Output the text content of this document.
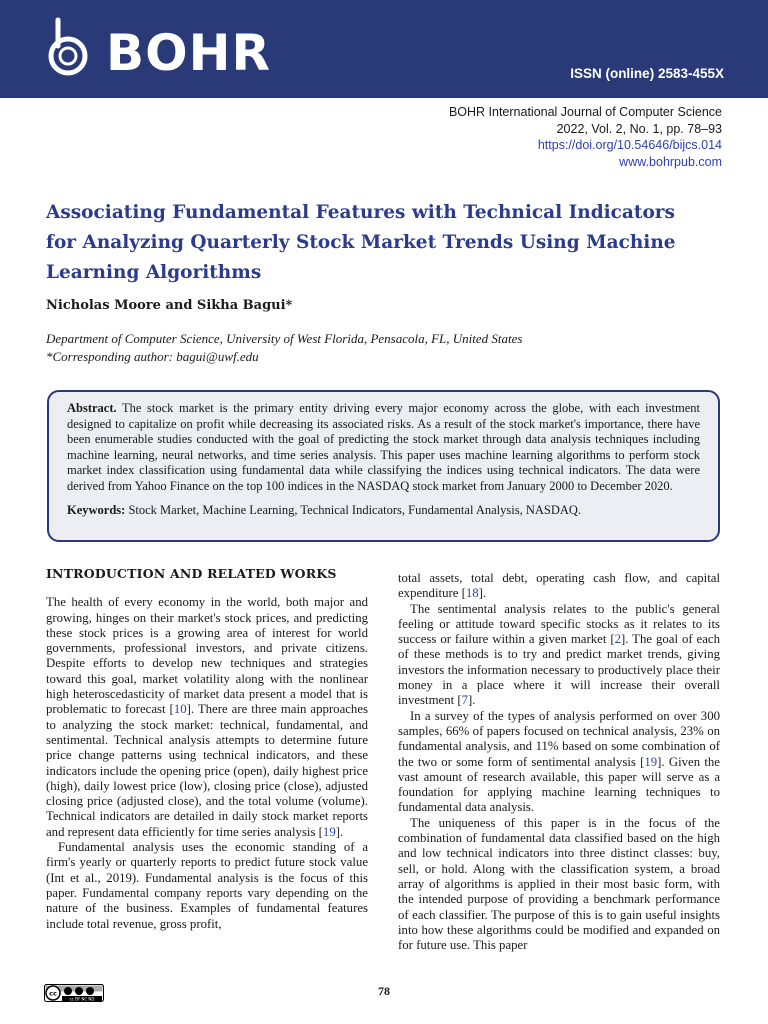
BOHR	ISSN (online) 2583-455X
BOHR International Journal of Computer Science
2022, Vol. 2, No. 1, pp. 78–93
https://doi.org/10.54646/bijcs.014
www.bohrpub.com
Associating Fundamental Features with Technical Indicators for Analyzing Quarterly Stock Market Trends Using Machine Learning Algorithms
Nicholas Moore and Sikha Bagui*
Department of Computer Science, University of West Florida, Pensacola, FL, United States
*Corresponding author: bagui@uwf.edu

Abstract. The stock market is the primary entity driving every major economy across the globe, with each investment designed to capitalize on profit while decreasing its associated risks. As a result of the stock market's importance, there have been enumerable studies conducted with the goal of predicting the stock market through data analysis techniques including machine learning, neural networks, and time series analysis. This paper uses machine learning algorithms to perform stock market index classification using fundamental data while classifying the indices using technical indicators. The data were derived from Yahoo Finance on the top 100 indices in the NASDAQ stock market from January 2000 to December 2020.

Keywords: Stock Market, Machine Learning, Technical Indicators, Fundamental Analysis, NASDAQ.

INTRODUCTION AND RELATED WORKS

The health of every economy in the world, both major and growing, hinges on their market's stock prices, and predicting these stock prices is a growing area of interest for world governments, professional investors, and private citizens. Despite efforts to develop new techniques and strategies toward this goal, market volatility along with the nonlinear high heteroscedasticity of market data present a model that is problematic to forecast [10]. There are three main approaches to analyzing the stock market: technical, fundamental, and sentimental. Technical analysis attempts to determine future price change patterns using technical indicators, and these indicators include the opening price (open), daily highest price (high), daily lowest price (low), closing price (close), adjusted closing price (adjusted close), and the total volume (volume). Technical indicators are detailed in daily stock market reports and represent data efficiently for time series analysis [19].

Fundamental analysis uses the economic standing of a firm's yearly or quarterly reports to predict future stock value (Int et al., 2019). Fundamental analysis is the focus of this paper. Fundamental company reports vary depending on the nature of the business. Examples of fundamental features include total revenue, gross profit,

total assets, total debt, operating cash flow, and capital expenditure [18].

The sentimental analysis relates to the public's general feeling or attitude toward specific stocks as it relates to its success or failure within a given market [2]. The goal of each of these methods is to try and predict market trends, giving investors the information necessary to productively place their money in a place where it will increase their overall investment [7].

In a survey of the types of analysis performed on over 300 samples, 66% of papers focused on technical analysis, 23% on fundamental analysis, and 11% based on some combination of the two or some form of sentimental analysis [19]. Given the vast amount of research available, this paper will serve as a foundation for applying machine learning techniques to fundamental data analysis.

The uniqueness of this paper is in the focus of the combination of fundamental data classified based on the high and low technical indicators into three distinct classes: buy, sell, or hold. Along with the classification system, a broad array of algorithms is applied in their most basic form, with the intended purpose of providing a benchmark performance of each classifier. The purpose of this is to gain useful insights into how these algorithms could be modified and expanded on for future use. This paper

cc
cc BY NC ND
78
